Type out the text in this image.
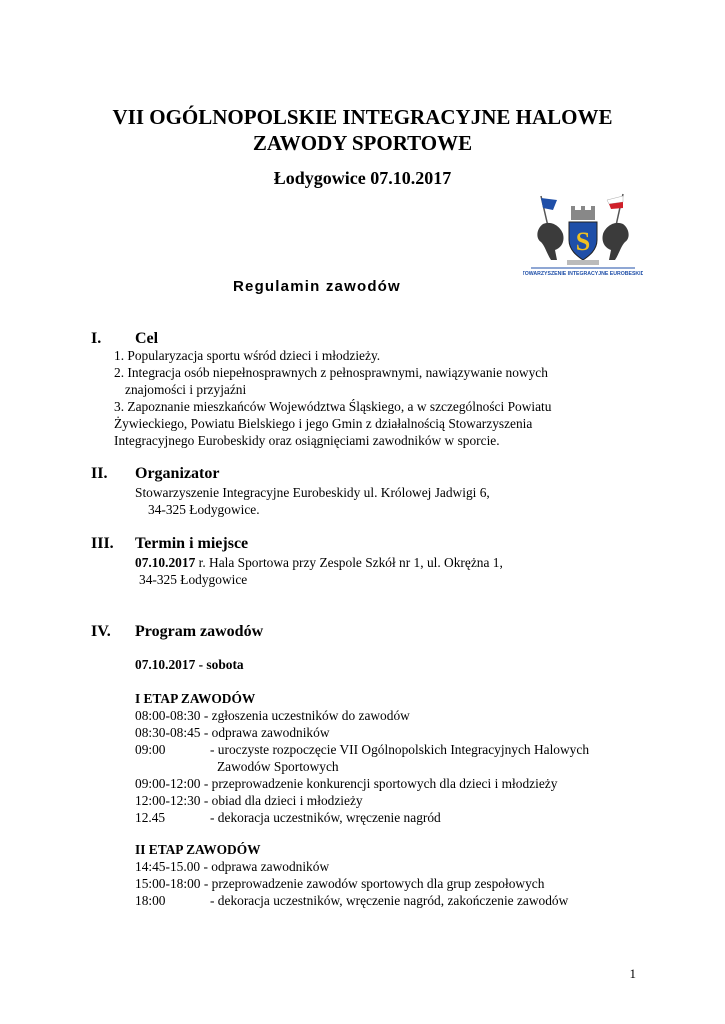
VII OGÓLNOPOLSKIE INTEGRACYJNE HALOWE
ZAWODY SPORTOWE
Łodygowice 07.10.2017
S
STOWARZYSZENIE INTEGRACYJNE EUROBESKIDY
Regulamin zawodów
I. Cel
1. Popularyzacja sportu wśród dzieci i młodzieży.
2. Integracja osób niepełnosprawnych z pełnosprawnymi, nawiązywanie nowych
znajomości i przyjaźni
3. Zapoznanie mieszkańców Województwa Śląskiego, a w szczególności Powiatu
Żywieckiego, Powiatu Bielskiego i jego Gmin z działalnością Stowarzyszenia
Integracyjnego Eurobeskidy oraz osiągnięciami zawodników w sporcie.
II. Organizator
Stowarzyszenie Integracyjne Eurobeskidy ul. Królowej Jadwigi 6,
34-325 Łodygowice.
III. Termin i miejsce
07.10.2017 r. Hala Sportowa przy Zespole Szkół nr 1, ul. Okrężna 1,
34-325 Łodygowice
IV. Program zawodów
07.10.2017 - sobota
I ETAP ZAWODÓW
08:00-08:30 - zgłoszenia uczestników do zawodów
08:30-08:45 - odprawa zawodników
09:00	- uroczyste rozpoczęcie VII Ogólnopolskich Integracyjnych Halowych
Zawodów Sportowych
09:00-12:00 - przeprowadzenie konkurencji sportowych dla dzieci i młodzieży
12:00-12:30 - obiad dla dzieci i młodzieży
12.45	- dekoracja uczestników, wręczenie nagród
II ETAP ZAWODÓW
14:45-15.00 - odprawa zawodników
15:00-18:00 - przeprowadzenie zawodów sportowych dla grup zespołowych
18:00	- dekoracja uczestników, wręczenie nagród, zakończenie zawodów
1
